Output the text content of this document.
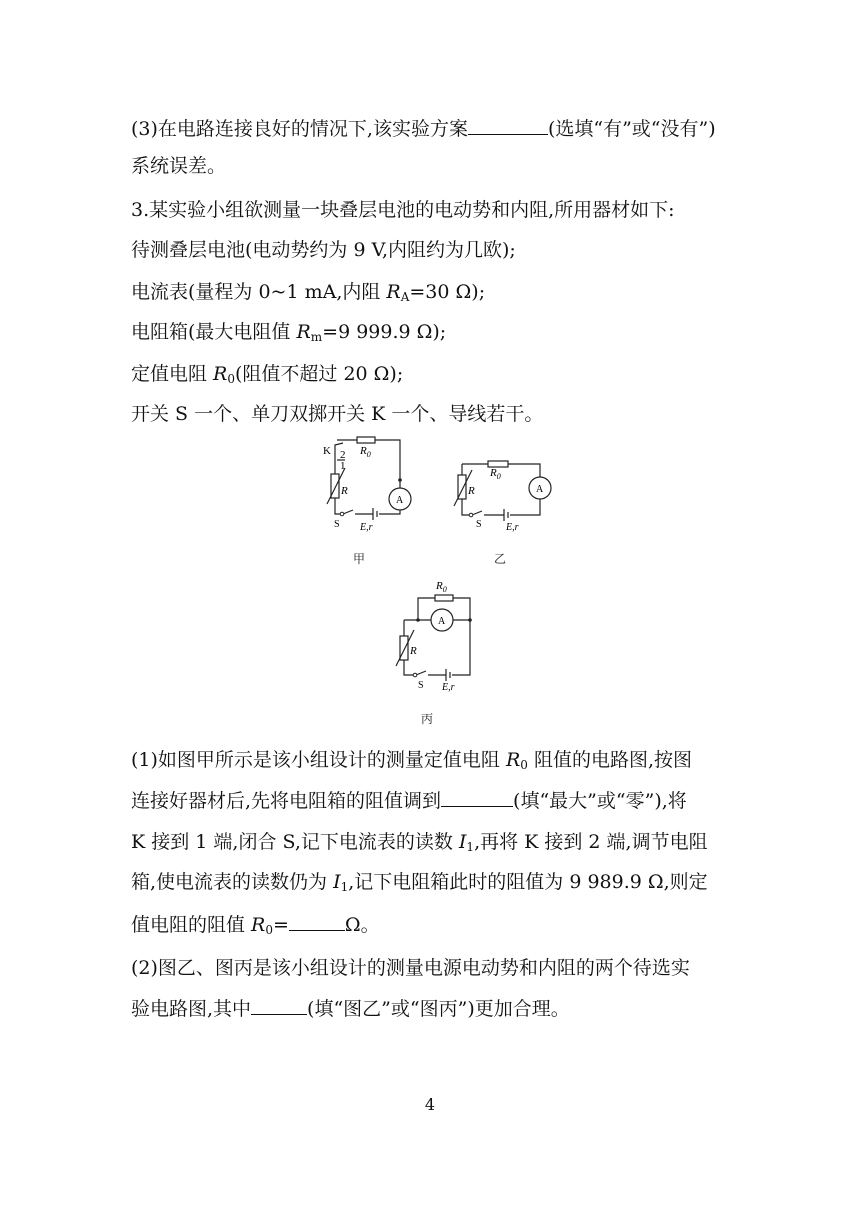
(3)在电路连接良好的情况下,该实验方案	(选填“有”或“没有”)
系统误差。
3.某实验小组欲测量一块叠层电池的电动势和内阻,所用器材如下:
待测叠层电池(电动势约为 9 V,内阻约为几欧);
电流表(量程为 0~1 mA,内阻 $R_A=30$ Ω);
电阻箱(最大电阻值 $R_m=9$ 999.9 Ω);
定值电阻 $R_0$(阻值不超过 20 Ω);
开关 S 一个、单刀双掷开关 K 一个、导线若干。
K 2
1
$R_0$
R
A
S E,r
甲
$R_0$
R	A
S E,r
乙
$R_0$
R
A
S E,r
丙
(1)如图甲所示是该小组设计的测量定值电阻 $R_0$ 阻值的电路图,按图
连接好器材后,先将电阻箱的阻值调到	(填“最大”或“零”),将
K 接到 1 端,闭合 S,记下电流表的读数 $I_1$,再将 K 接到 2 端,调节电阻
箱,使电流表的读数仍为 $I_1$,记下电阻箱此时的阻值为 9 989.9 Ω,则定
值电阻的阻值 $R_0=$	Ω。
(2)图乙、图丙是该小组设计的测量电源电动势和内阻的两个待选实
验电路图,其中	(填“图乙”或“图丙”)更加合理。
4
